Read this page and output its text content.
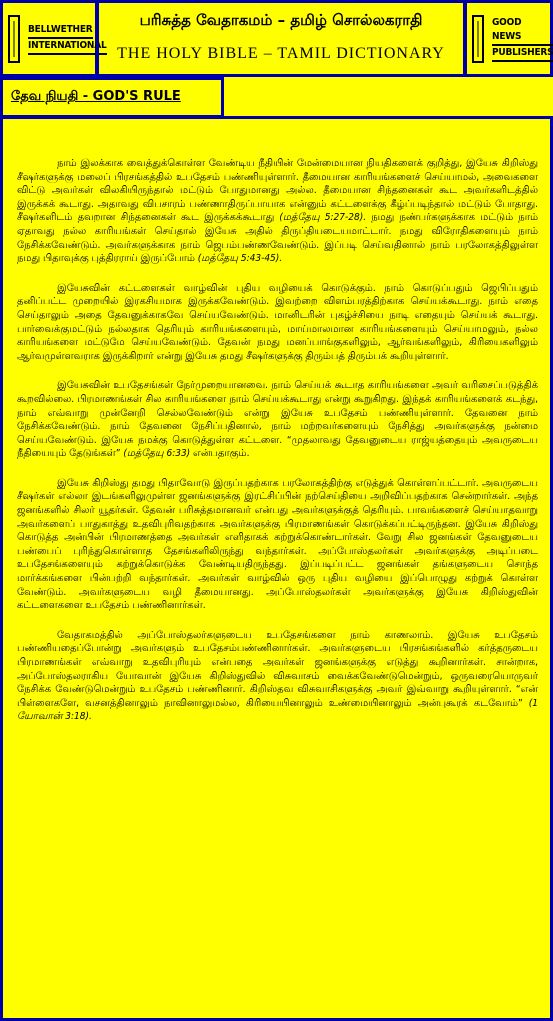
BELLWETHER
INTERNATIONAL
பரிசுத்த வேதாகமம் – தமிழ் சொல்லகராதி
THE HOLY BIBLE – TAMIL DICTIONARY
GOOD NEWS
PUBLISHERS
தேவ நியதி - GOD'S RULE

நாம் இலக்காக வைத்துக்கொள்ள வேண்டிய நீதியின் மேன்மையான நியதிகளைக் குறித்து, இயேசு கிறிஸ்து சீஷர்களுக்கு மலைப் பிரசங்கத்தில் உபதேசம் பண்ணியுள்ளார். தீமையான காரியங்களைச் செய்யாமல், அவைகளை விட்டு அவர்கள் விலகியிருந்தால் மட்டும் போதுமானது அல்ல. தீமையான சிந்தனைகள் கூட அவர்களிடத்தில் இருக்கக் கூடாது. அதாவது விபசாரம் பண்ணாதிருப்பாயாக என்னும் கட்டளைக்கு கீழ்ப்படிந்தால் மட்டும் போதாது. சீஷர்களிடம் தவறான சிந்தனைகள் கூட இருக்கக்கூடாது (மத்தேயு 5:27-28). நமது நண்பர்களுக்காக மட்டும் நாம் ஏதாவது நல்ல காரியங்கள் செய்தால் இயேசு அதில் திருப்தியடையமாட்டார். நமது விரோதிகளையும் நாம் நேசிக்கவேண்டும். அவர்களுக்காக நாம் ஜெபம்பண்ணவேண்டும். இப்படி செய்வதினால் நாம் பரலோகத்திலுள்ள நமது பிதாவுக்கு புத்திரராய் இருப்போம் (மத்தேயு 5:43-45).

இயேசுவின் கட்டளைகள் வாழ்வின் புதிய வழியைக் கொடுக்கும். நாம் கொடுப்பதும் ஜெபிப்பதும் தனிப்பட்ட முறையில் இரகசியமாக இருக்கவேண்டும். இவற்றை விளம்பரத்திற்காக செய்யக்கூடாது. நாம் எதை செய்தாலும் அதை தேவனுக்காகவே செய்யவேண்டும். மானிடரின் புகழ்ச்சியை நாடி எதையும் செய்யக் கூடாது. பார்வைக்குமட்டும் நல்லதாக தெரியும் காரியங்களையும், மாய்மாலமான காரியங்களையும் செய்யாமலும், நல்ல காரியங்களை மட்டுமே செய்யவேண்டும். தேவன் நமது மனப்பாங்குகளிலும், ஆர்வங்களிலும், கிரியைகளிலும் ஆர்வமுள்ளவராக இருக்கிறார் என்று இயேசு தமது சீஷர்களுக்கு திரும்பத் திரும்பக் கூறியுள்ளார்.

இயேசுவின் உபதேசங்கள் நேர்முறையானவை. நாம் செய்யக் கூடாத காரியங்களை அவர் வரிசைப்படுத்திக் கூறவில்லை. பிரமாணங்கள் சில காரியங்களை நாம் செய்யக்கூடாது என்று கூறுகிறது. இந்தக் காரியங்களைக் கடந்து, நாம் எவ்வாறு முன்னேறி செல்லவேண்டும் என்று இயேசு உபதேசம் பண்ணியுள்ளார். தேவனை நாம் நேசிக்கவேண்டும். நாம் தேவனை நேசிப்பதினால், நாம் மற்றவர்களையும் நேசித்து அவர்களுக்கு நன்மை செய்யவேண்டும். இயேசு நமக்கு கொடுத்துள்ள கட்டளை. “முதலாவது தேவனுடைய ராஜ்யத்தையும் அவருடைய நீதியையும் தேடுங்கள்” (மத்தேயு 6:33) என்பதாகும்.

இயேசு கிறிஸ்து தமது பிதாவோடு இருப்பதற்காக பரலோகத்திற்கு எடுத்துக் கொள்ளப்பட்டார். அவருடைய சீஷர்கள் எல்லா இடங்களிலுமுள்ள ஜனங்களுக்கு இரட்சிப்பின் நற்செய்தியை அறிவிப்பதற்காக சென்றார்கள். அந்த ஜனங்களில் சிலர் யூதர்கள். தேவன் பரிசுத்தமானவர் என்பது அவர்களுக்குத் தெரியும். பாவங்களைச் செய்யாதவாறு அவர்களைப் பாதுகாத்து உதவிபுரிவதற்காக அவர்களுக்கு பிரமாணங்கள் கொடுக்கப்பட்டிருந்தன. இயேசு கிறிஸ்து கொடுத்த அன்பின் பிரமாணத்தை அவர்கள் எளிதாகக் கற்றுக்கொண்டார்கள். வேறு சில ஜனங்கள் தேவனுடைய பண்பைப் புரிந்துகொள்ளாத தேசங்களிலிருந்து வந்தார்கள். அப்போஸ்தலர்கள் அவர்களுக்கு அடிப்படை உபதேசங்களையும் கற்றுக்கொடுக்க வேண்டியதிருந்தது. இப்படிப்பட்ட ஜனங்கள் தங்களுடைய சொந்த மார்க்கங்களை பின்பற்றி வந்தார்கள். அவர்கள் வாழ்வில் ஒரு புதிய வழியை இப்பொழுது கற்றுக் கொள்ள வேண்டும். அவர்களுடைய வழி தீமையானது. அப்போஸ்தலர்கள் அவர்களுக்கு இயேசு கிறிஸ்துவின் கட்டளைகளை உபதேசம் பண்ணினார்கள்.

வேதாகமத்தில் அப்போஸ்தலர்களுடைய உபதேசங்களை நாம் காணலாம். இயேசு உபதேசம் பண்ணியதைப்போன்று அவர்களும் உபதேசம்பண்ணினார்கள். அவர்களுடைய பிரசங்கங்களில் கர்த்தருடைய பிரமாணங்கள் எவ்வாறு உதவிபுரியும் என்பதை அவர்கள் ஜனங்களுக்கு எடுத்து கூறினார்கள். சான்றாக, அப்போஸ்தலராகிய யோவான் இயேசு கிறிஸ்துவில் விசுவாசம் வைக்கவேண்டுமென்றும், ஒருவரையொருவர் நேசிக்க வேண்டுமென்றும் உபதேசம் பண்ணினார். கிறிஸ்தவ விசுவாசிகளுக்கு அவர் இவ்வாறு கூறியுள்ளார். “என் பிள்ளைகளே, வசனத்தினாலும் நாவினாலுமல்ல, கிரியையினாலும் உண்மையினாலும் அன்புகூரக் கடவோம்” (1 யோவான் 3:18).
